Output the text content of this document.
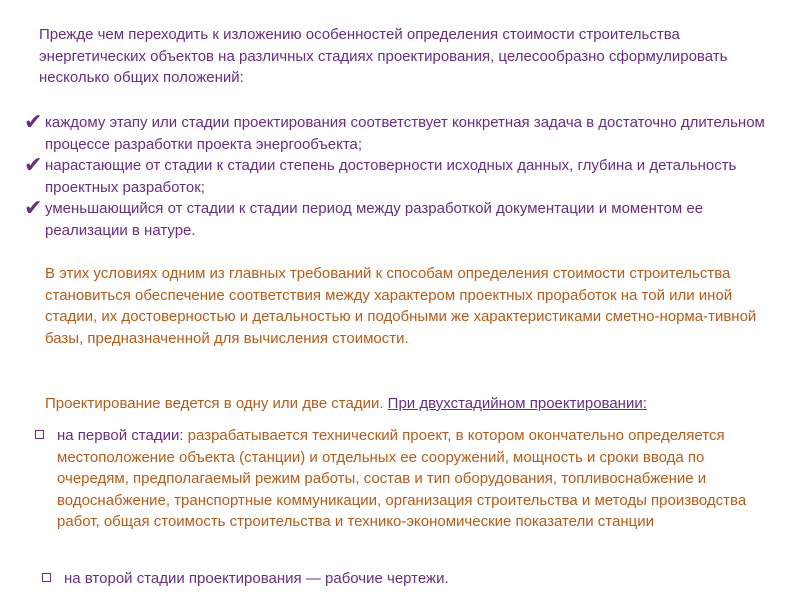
Прежде чем переходить к изложению особенностей определения стоимости строительства энергетических объектов на различных стадиях проектирования, целесообразно сформулировать несколько общих положений:

✔ каждому этапу или стадии проектирования соответствует конкретная задача в достаточно длительном процессе разработки проекта энергообъекта;
✔ нарастающие от стадии к стадии степень достоверности исходных данных, глубина и детальность проектных разработок;
✔ уменьшающийся от стадии к стадии период между разработкой документации и моментом ее реализации в натуре.

В этих условиях одним из главных требований к способам определения стоимости строительства становиться обеспечение соответствия между характером проектных проработок на той или иной стадии, их достоверностью и детальностью и подобными же характеристиками сметно-норма-тивной базы, предназначенной для вычисления стоимости.

Проектирование ведется в одну или две стадии. При двухстадийном проектировании:

на первой стадии: разрабатывается технический проект, в котором окончательно определяется местоположение объекта (станции) и отдельных ее сооружений, мощность и сроки ввода по очередям, предполагаемый режим работы, состав и тип оборудования, топливоснабжение и водоснабжение, транспортные коммуникации, организация строительства и методы производства работ, общая стоимость строительства и технико-экономические показатели станции
на второй стадии проектирования — рабочие чертежи.
